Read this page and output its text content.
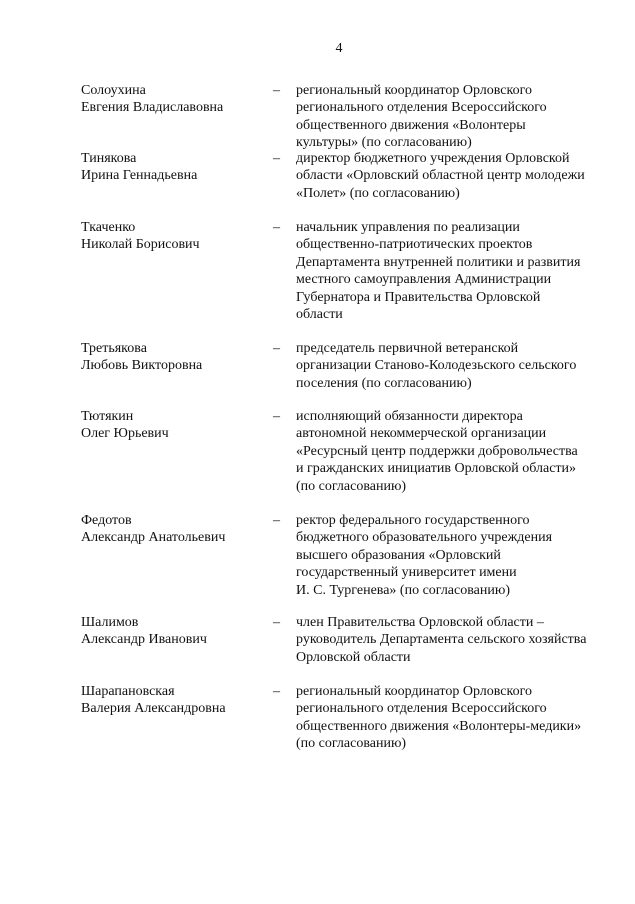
4
Солоухина
Евгения Владиславовна
– региональный координатор Орловского
регионального отделения Всероссийского
общественного движения «Волонтеры
культуры» (по согласованию)
Тинякова
Ирина Геннадьевна
– директор бюджетного учреждения Орловской
области «Орловский областной центр молодежи
«Полет» (по согласованию)
Ткаченко
Николай Борисович
– начальник управления по реализации
общественно-патриотических проектов
Департамента внутренней политики и развития
местного самоуправления Администрации
Губернатора и Правительства Орловской
области
Третьякова
Любовь Викторовна
– председатель первичной ветеранской
организации Станово-Колодезьского сельского
поселения (по согласованию)
Тютякин
Олег Юрьевич
– исполняющий обязанности директора
автономной некоммерческой организации
«Ресурсный центр поддержки добровольчества
и гражданских инициатив Орловской области»
(по согласованию)
Федотов
Александр Анатольевич
– ректор федерального государственного
бюджетного образовательного учреждения
высшего образования «Орловский
государственный университет имени
И. С. Тургенева» (по согласованию)
Шалимов
Александр Иванович
– член Правительства Орловской области –
руководитель Департамента сельского хозяйства
Орловской области
Шарапановская
Валерия Александровна
– региональный координатор Орловского
регионального отделения Всероссийского
общественного движения «Волонтеры-медики»
(по согласованию)
